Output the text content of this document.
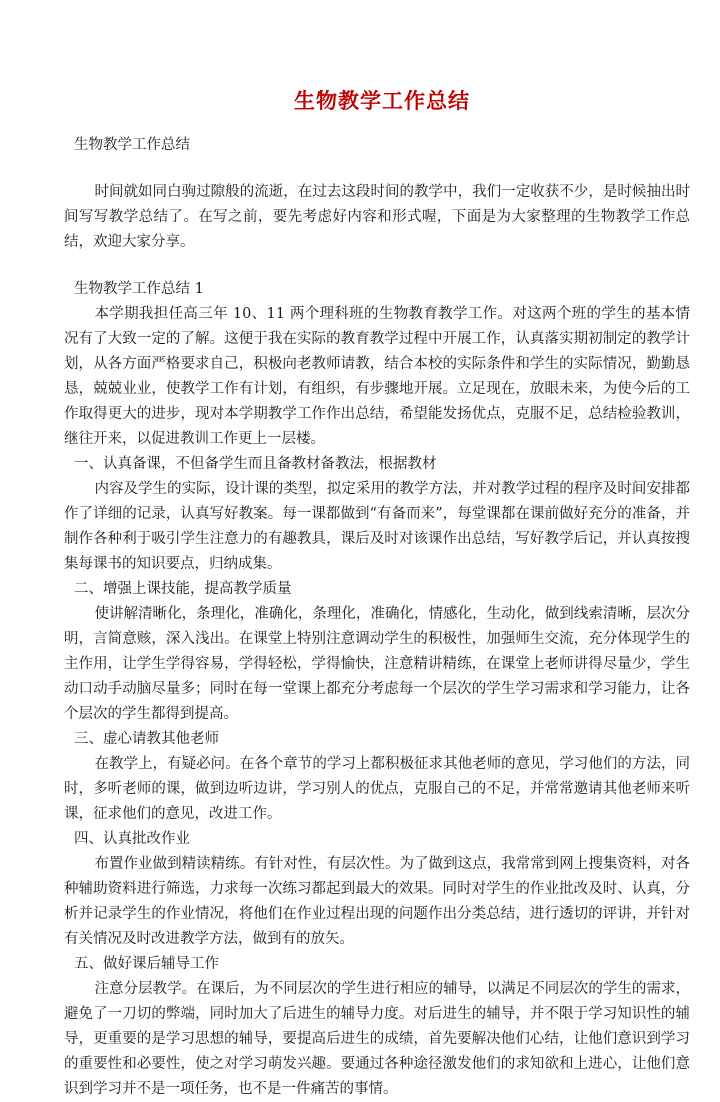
生物教学工作总结
生物教学工作总结

时间就如同白驹过隙般的流逝，在过去这段时间的教学中，我们一定收获不少，是时候抽出时间写写教学总结了。在写之前，要先考虑好内容和形式喔，下面是为大家整理的生物教学工作总结，欢迎大家分享。

生物教学工作总结 1

本学期我担任高三年 10、11 两个理科班的生物教育教学工作。对这两个班的学生的基本情况有了大致一定的了解。这便于我在实际的教育教学过程中开展工作，认真落实期初制定的教学计划，从各方面严格要求自己，积极向老教师请教，结合本校的实际条件和学生的实际情况，勤勤恳恳，兢兢业业，使教学工作有计划，有组织，有步骤地开展。立足现在，放眼未来，为使今后的工作取得更大的进步，现对本学期教学工作作出总结，希望能发扬优点，克服不足，总结检验教训，继往开来，以促进教训工作更上一层楼。

一、认真备课，不但备学生而且备教材备教法，根据教材

内容及学生的实际，设计课的类型，拟定采用的教学方法，并对教学过程的程序及时间安排都作了详细的记录，认真写好教案。每一课都做到“有备而来”，每堂课都在课前做好充分的准备，并制作各种利于吸引学生注意力的有趣教具，课后及时对该课作出总结，写好教学后记，并认真按搜集每课书的知识要点，归纳成集。

二、增强上课技能，提高教学质量

使讲解清晰化，条理化，准确化，条理化，准确化，情感化，生动化，做到线索清晰，层次分明，言简意赅，深入浅出。在课堂上特别注意调动学生的积极性，加强师生交流，充分体现学生的主作用，让学生学得容易，学得轻松，学得愉快，注意精讲精练，在课堂上老师讲得尽量少，学生动口动手动脑尽量多；同时在每一堂课上都充分考虑每一个层次的学生学习需求和学习能力，让各个层次的学生都得到提高。

三、虚心请教其他老师

在教学上，有疑必问。在各个章节的学习上都积极征求其他老师的意见，学习他们的方法，同时，多听老师的课，做到边听边讲，学习别人的优点，克服自己的不足，并常常邀请其他老师来听课，征求他们的意见，改进工作。

四、认真批改作业

布置作业做到精读精练。有针对性，有层次性。为了做到这点，我常常到网上搜集资料，对各种辅助资料进行筛选，力求每一次练习都起到最大的效果。同时对学生的作业批改及时、认真，分析并记录学生的作业情况，将他们在作业过程出现的问题作出分类总结，进行透切的评讲，并针对有关情况及时改进教学方法，做到有的放矢。

五、做好课后辅导工作

注意分层教学。在课后，为不同层次的学生进行相应的辅导，以满足不同层次的学生的需求，避免了一刀切的弊端，同时加大了后进生的辅导力度。对后进生的辅导，并不限于学习知识性的辅导，更重要的是学习思想的辅导，要提高后进生的成绩，首先要解决他们心结，让他们意识到学习的重要性和必要性，使之对学习萌发兴趣。要通过各种途径激发他们的求知欲和上进心，让他们意识到学习并不是一项任务，也不是一件痛苦的事情。
